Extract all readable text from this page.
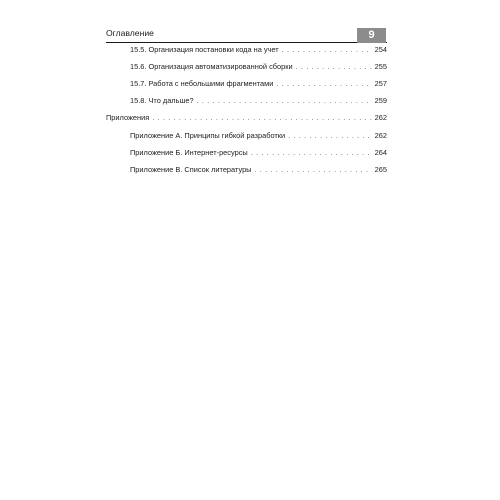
Оглавление	9
15.5. Организация постановки кода на учет . . .	254
15.6. Организация автоматизированной сборки . . .	255
15.7. Работа с небольшими фрагментами . . .	257
15.8. Что дальше? . . .	259
Приложения . . .	262
Приложение А. Принципы гибкой разработки . . .	262
Приложение Б. Интернет-ресурсы . . .	264
Приложение В. Список литературы . . .	265
